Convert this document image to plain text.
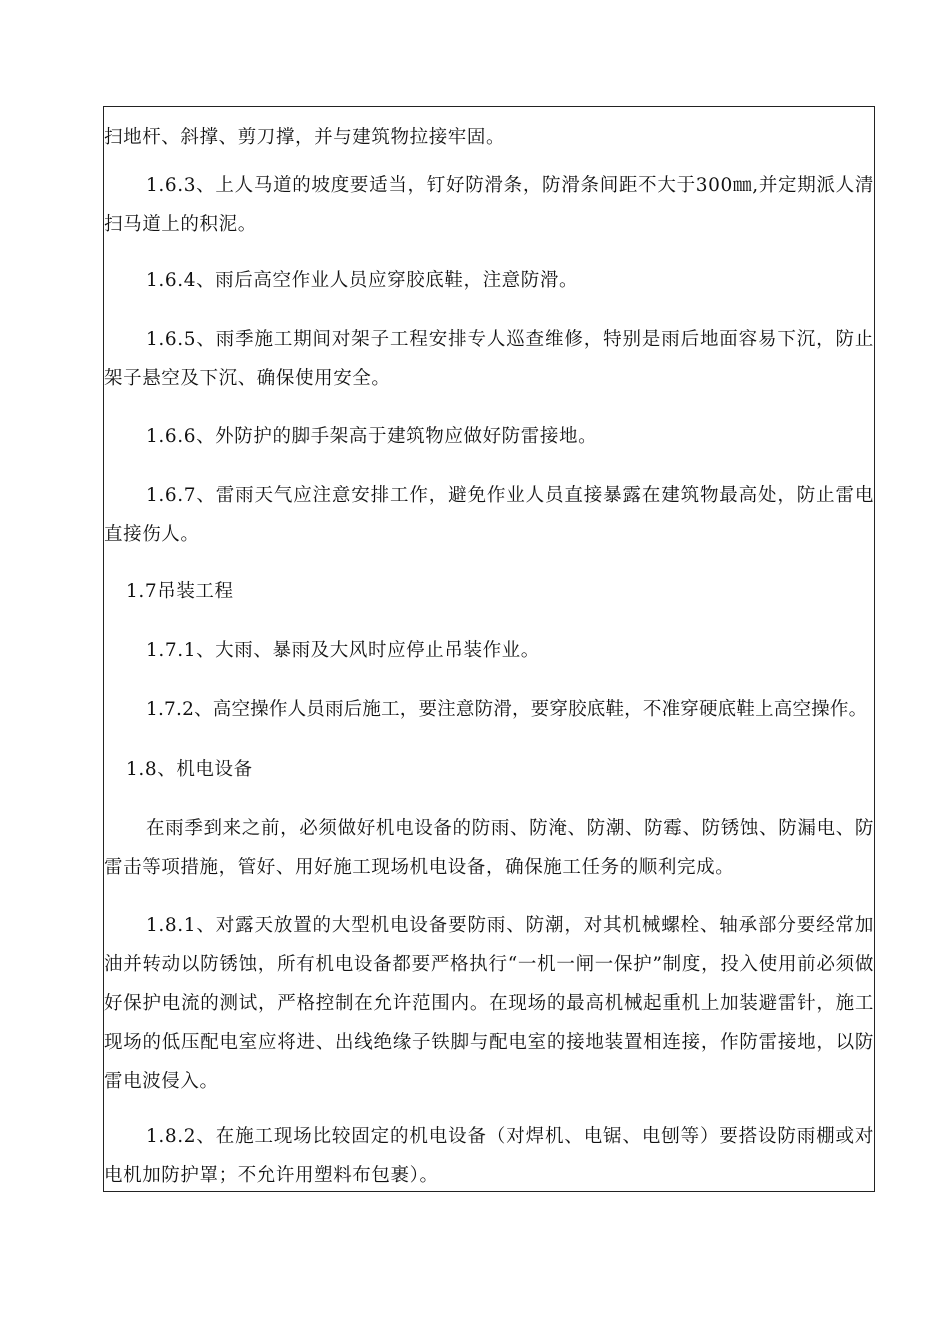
扫地杆、斜撑、剪刀撑，并与建筑物拉接牢固。

1.6.3、上人马道的坡度要适当，钉好防滑条，防滑条间距不大于300㎜,并定期派人清扫马道上的积泥。

1.6.4、雨后高空作业人员应穿胶底鞋，注意防滑。

1.6.5、雨季施工期间对架子工程安排专人巡查维修，特别是雨后地面容易下沉，防止架子悬空及下沉、确保使用安全。

1.6.6、外防护的脚手架高于建筑物应做好防雷接地。

1.6.7、雷雨天气应注意安排工作，避免作业人员直接暴露在建筑物最高处，防止雷电直接伤人。

1.7吊装工程

1.7.1、大雨、暴雨及大风时应停止吊装作业。

1.7.2、高空操作人员雨后施工，要注意防滑，要穿胶底鞋，不准穿硬底鞋上高空操作。

1.8、机电设备

在雨季到来之前，必须做好机电设备的防雨、防淹、防潮、防霉、防锈蚀、防漏电、防雷击等项措施，管好、用好施工现场机电设备，确保施工任务的顺利完成。

1.8.1、对露天放置的大型机电设备要防雨、防潮，对其机械螺栓、轴承部分要经常加油并转动以防锈蚀，所有机电设备都要严格执行“一机一闸一保护”制度，投入使用前必须做好保护电流的测试，严格控制在允许范围内。在现场的最高机械起重机上加装避雷针，施工现场的低压配电室应将进、出线绝缘子铁脚与配电室的接地装置相连接，作防雷接地，以防雷电波侵入。

1.8.2、在施工现场比较固定的机电设备（对焊机、电锯、电刨等）要搭设防雨棚或对电机加防护罩；不允许用塑料布包裹）。
